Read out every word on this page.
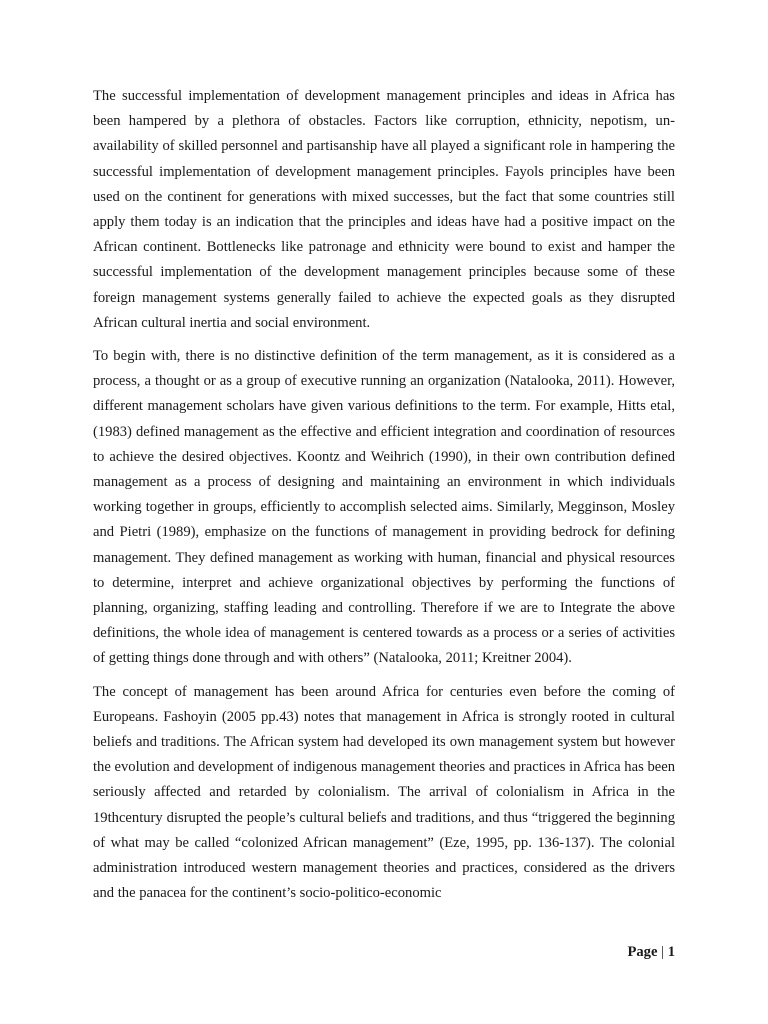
The successful implementation of development management principles and ideas in Africa has been hampered by a plethora of obstacles. Factors like corruption, ethnicity, nepotism, un-availability of skilled personnel and partisanship have all played a significant role in hampering the successful implementation of development management principles. Fayols principles have been used on the continent for generations with mixed successes, but the fact that some countries still apply them today is an indication that the principles and ideas have had a positive impact on the African continent. Bottlenecks like patronage and ethnicity were bound to exist and hamper the successful implementation of the development management principles because some of these foreign management systems generally failed to achieve the expected goals as they disrupted African cultural inertia and social environment.

To begin with, there is no distinctive definition of the term management, as it is considered as a process, a thought or as a group of executive running an organization (Natalooka, 2011). However, different management scholars have given various definitions to the term. For example, Hitts etal, (1983) defined management as the effective and efficient integration and coordination of resources to achieve the desired objectives. Koontz and Weihrich (1990), in their own contribution defined management as a process of designing and maintaining an environment in which individuals working together in groups, efficiently to accomplish selected aims. Similarly, Megginson, Mosley and Pietri (1989), emphasize on the functions of management in providing bedrock for defining management. They defined management as working with human, financial and physical resources to determine, interpret and achieve organizational objectives by performing the functions of planning, organizing, staffing leading and controlling. Therefore if we are to Integrate the above definitions, the whole idea of management is centered towards as a process or a series of activities of getting things done through and with others” (Natalooka, 2011; Kreitner 2004).

The concept of management has been around Africa for centuries even before the coming of Europeans. Fashoyin (2005 pp.43) notes that management in Africa is strongly rooted in cultural beliefs and traditions. The African system had developed its own management system but however the evolution and development of indigenous management theories and practices in Africa has been seriously affected and retarded by colonialism. The arrival of colonialism in Africa in the 19thcentury disrupted the people’s cultural beliefs and traditions, and thus “triggered the beginning of what may be called “colonized African management” (Eze, 1995, pp. 136-137). The colonial administration introduced western management theories and practices, considered as the drivers and the panacea for the continent’s socio-politico-economic

Page | 1
